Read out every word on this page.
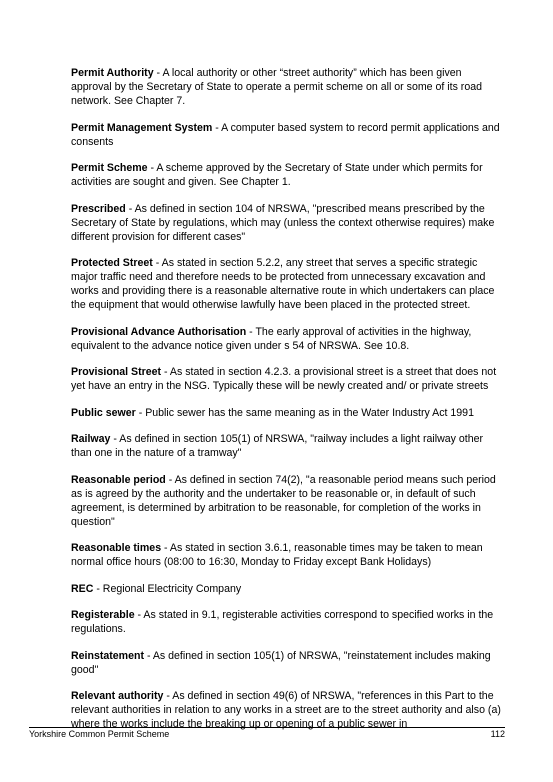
Permit Authority - A local authority or other “street authority” which has been given approval by the Secretary of State to operate a permit scheme on all or some of its road network. See Chapter 7.

Permit Management System - A computer based system to record permit applications and consents

Permit Scheme - A scheme approved by the Secretary of State under which permits for activities are sought and given. See Chapter 1.

Prescribed - As defined in section 104 of NRSWA, "prescribed means prescribed by the Secretary of State by regulations, which may (unless the context otherwise requires) make different provision for different cases"

Protected Street - As stated in section 5.2.2, any street that serves a specific strategic major traffic need and therefore needs to be protected from unnecessary excavation and works and providing there is a reasonable alternative route in which undertakers can place the equipment that would otherwise lawfully have been placed in the protected street.

Provisional Advance Authorisation - The early approval of activities in the highway, equivalent to the advance notice given under s 54 of NRSWA. See 10.8.

Provisional Street - As stated in section 4.2.3. a provisional street is a street that does not yet have an entry in the NSG. Typically these will be newly created and/ or private streets

Public sewer - Public sewer has the same meaning as in the Water Industry Act 1991

Railway - As defined in section 105(1) of NRSWA, "railway includes a light railway other than one in the nature of a tramway"

Reasonable period - As defined in section 74(2), "a reasonable period means such period as is agreed by the authority and the undertaker to be reasonable or, in default of such agreement, is determined by arbitration to be reasonable, for completion of the works in question"

Reasonable times - As stated in section 3.6.1, reasonable times may be taken to mean normal office hours (08:00 to 16:30, Monday to Friday except Bank Holidays)

REC - Regional Electricity Company

Registerable - As stated in 9.1, registerable activities correspond to specified works in the regulations.

Reinstatement - As defined in section 105(1) of NRSWA, "reinstatement includes making good"

Relevant authority - As defined in section 49(6) of NRSWA, "references in this Part to the relevant authorities in relation to any works in a street are to the street authority and also (a) where the works include the breaking up or opening of a public sewer in

Yorkshire Common Permit Scheme	112
